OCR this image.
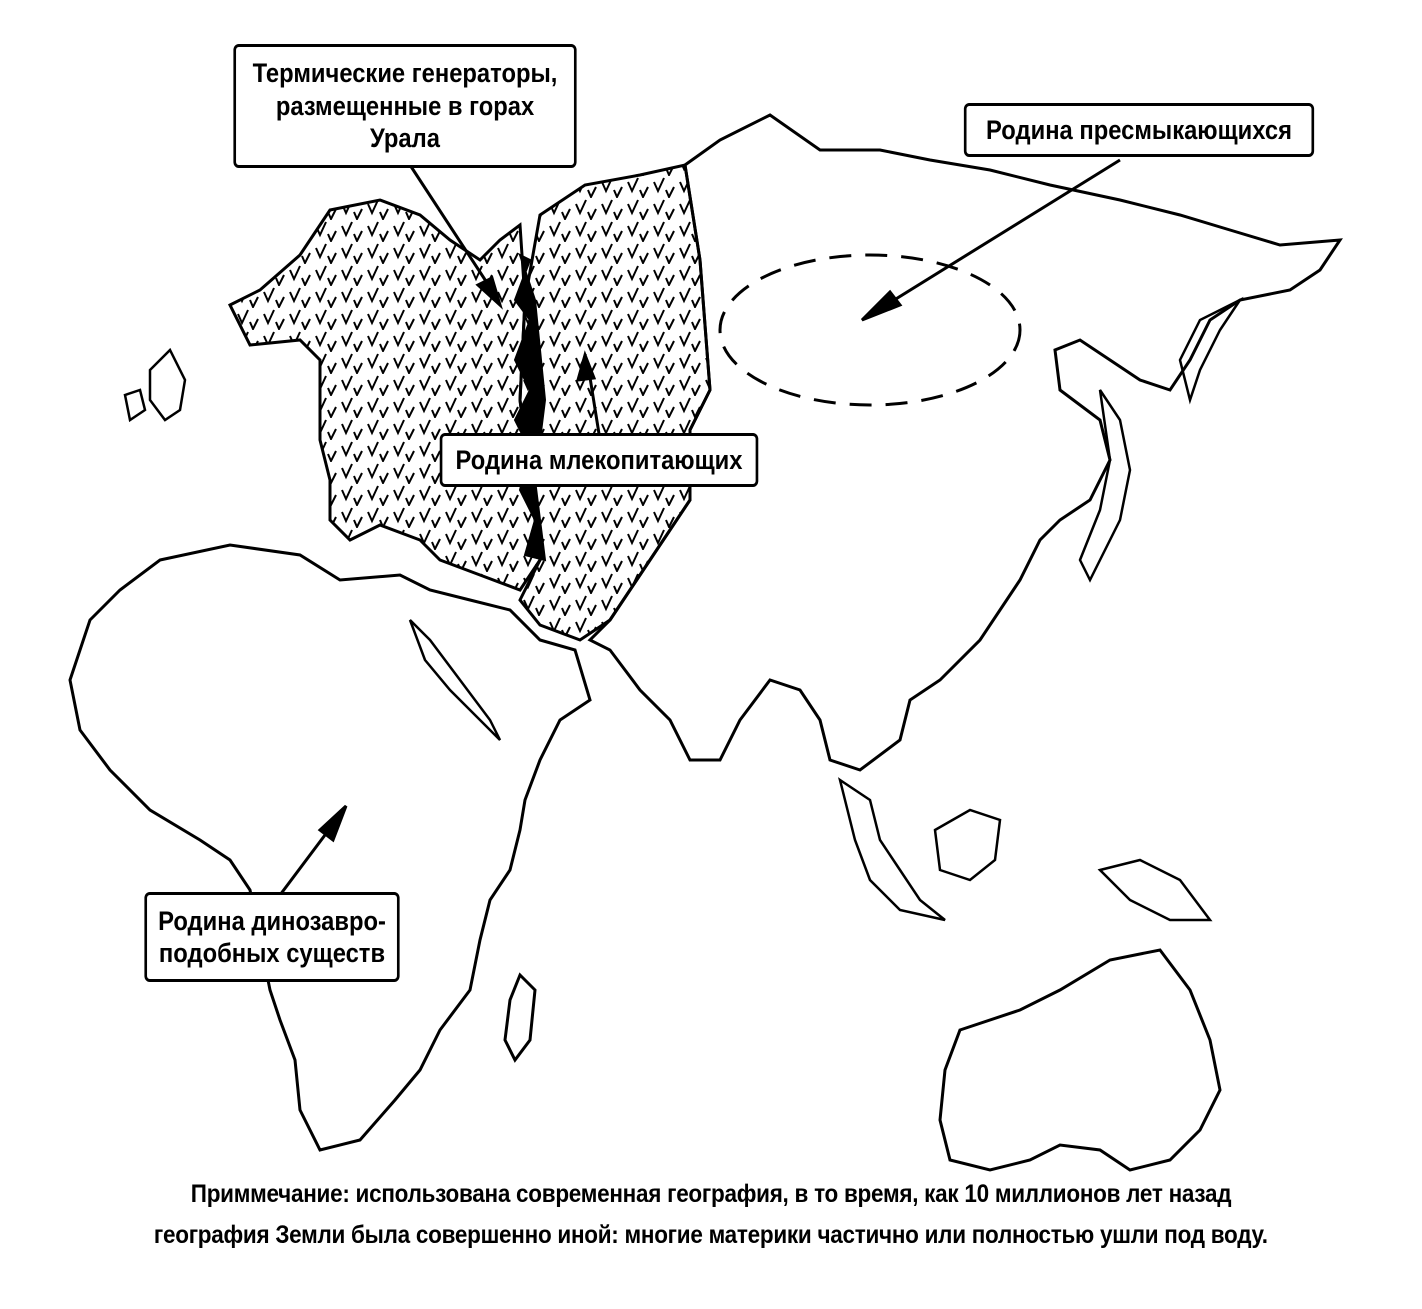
Термические генераторы, размещенные в горах Урала	Родина пресмыкающихся
Родина млекопитающих
Родина динозавро-подобных существ
Приммечание: использована современная география, в то время, как 10 миллионов лет назад
география Земли была совершенно иной: многие материки частично или полностью ушли под воду.
